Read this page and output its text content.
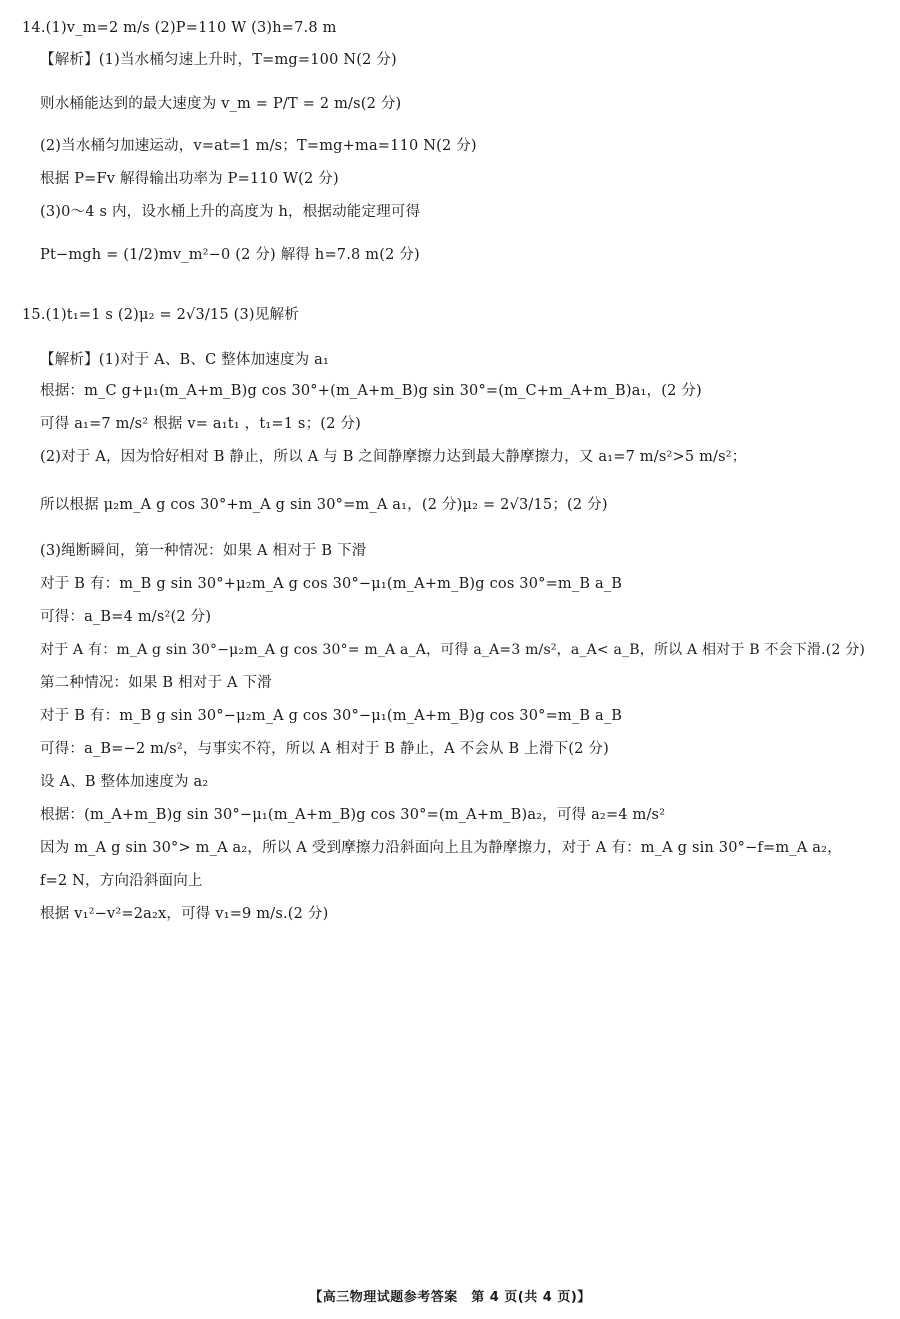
14.(1)v_m=2 m/s (2)P=110 W (3)h=7.8 m
【解析】(1)当水桶匀速上升时，T=mg=100 N(2 分)
则水桶能达到的最大速度为 v_m = P/T = 2 m/s(2 分)
(2)当水桶匀加速运动，v=at=1 m/s；T=mg+ma=110 N(2 分)
根据 P=Fv 解得输出功率为 P=110 W(2 分)
(3)0～4 s 内，设水桶上升的高度为 h，根据动能定理可得
Pt−mgh = (1/2)mv_m²−0 (2 分) 解得 h=7.8 m(2 分)
15.(1)t₁=1 s (2)μ₂ = 2√3/15 (3)见解析
【解析】(1)对于 A、B、C 整体加速度为 a₁
根据：m_C g+μ₁(m_A+m_B)g cos 30°+(m_A+m_B)g sin 30°=(m_C+m_A+m_B)a₁，(2 分)
可得 a₁=7 m/s² 根据 v= a₁t₁ ，t₁=1 s；(2 分)
(2)对于 A，因为恰好相对 B 静止，所以 A 与 B 之间静摩擦力达到最大静摩擦力，又 a₁=7 m/s²>5 m/s²；
所以根据 μ₂m_A g cos 30°+m_A g sin 30°=m_A a₁，(2 分)μ₂ = 2√3/15；(2 分)
(3)绳断瞬间，第一种情况：如果 A 相对于 B 下滑
对于 B 有：m_B g sin 30°+μ₂m_A g cos 30°−μ₁(m_A+m_B)g cos 30°=m_B a_B
可得：a_B=4 m/s²(2 分)
对于 A 有：m_A g sin 30°−μ₂m_A g cos 30°= m_A a_A，可得 a_A=3 m/s²，a_A< a_B，所以 A 相对于 B 不会下滑.(2 分)
第二种情况：如果 B 相对于 A 下滑
对于 B 有：m_B g sin 30°−μ₂m_A g cos 30°−μ₁(m_A+m_B)g cos 30°=m_B a_B
可得：a_B=−2 m/s²，与事实不符，所以 A 相对于 B 静止，A 不会从 B 上滑下(2 分)
设 A、B 整体加速度为 a₂
根据：(m_A+m_B)g sin 30°−μ₁(m_A+m_B)g cos 30°=(m_A+m_B)a₂，可得 a₂=4 m/s²
因为 m_A g sin 30°> m_A a₂，所以 A 受到摩擦力沿斜面向上且为静摩擦力，对于 A 有：m_A g sin 30°−f=m_A a₂，
f=2 N，方向沿斜面向上
根据 v₁²−v²=2a₂x，可得 v₁=9 m/s.(2 分)
【高三物理试题参考答案　第 4 页(共 4 页)】
